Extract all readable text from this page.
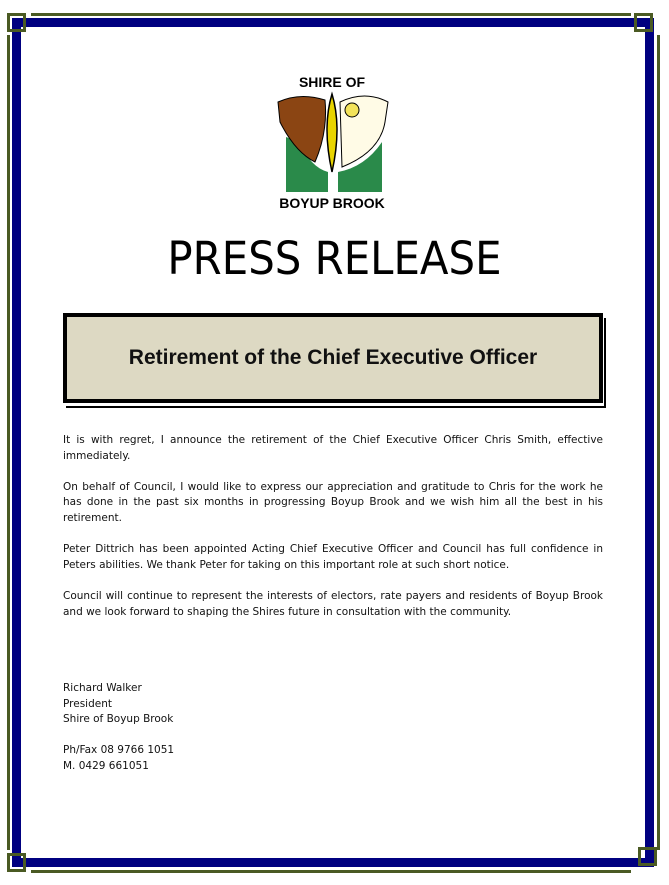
SHIRE OF
BOYUP BROOK
PRESS RELEASE
Retirement of the Chief Executive Officer

It is with regret, I announce the retirement of the Chief Executive Officer Chris Smith, effective immediately.

On behalf of Council, I would like to express our appreciation and gratitude to Chris for the work he has done in the past six months in progressing Boyup Brook and we wish him all the best in his retirement.

Peter Dittrich has been appointed Acting Chief Executive Officer and Council has full confidence in Peters abilities. We thank Peter for taking on this important role at such short notice.

Council will continue to represent the interests of electors, rate payers and residents of Boyup Brook and we look forward to shaping the Shires future in consultation with the community.

Richard Walker
President
Shire of Boyup Brook
Ph/Fax 08 9766 1051
M. 0429 661051
